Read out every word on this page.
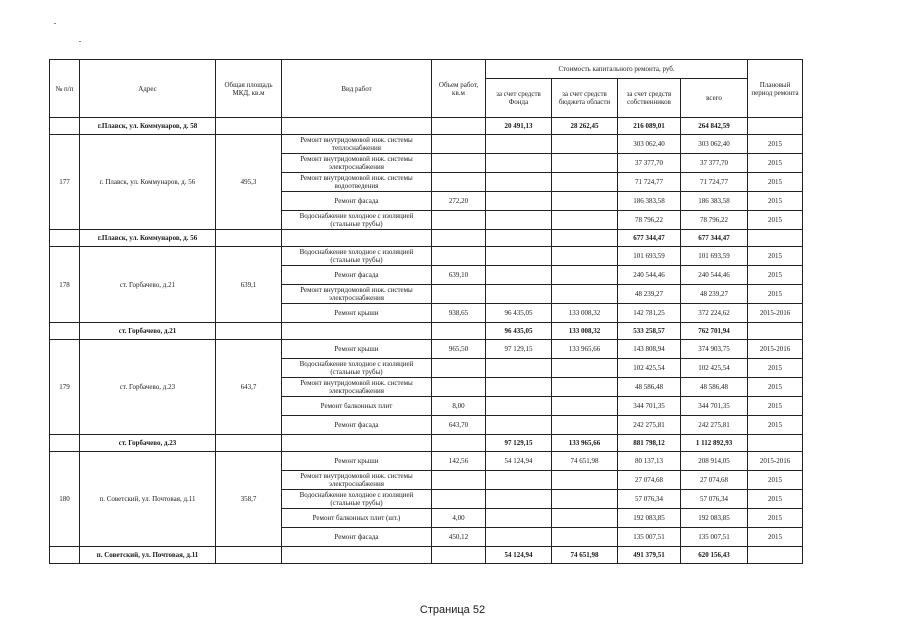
№ п/п	Адрес	Общая площадь МКД, кв.м	Вид работ	Объем работ, кв.м	Стоимость капитального ремонта, руб.				Плановый период ремонта
					за счет средств Фонда	за счет средств бюджета области	за счет средств собственников	всего	
	г.Плавск, ул. Коммунаров, д. 58				20 491,13	28 262,45	216 089,01	264 842,59	
177	г. Плавск, ул. Коммунаров, д. 56	495,3	Ремонт внутридомовой инж. системы теплоснабжения				303 062,40	303 062,40	2015
			Ремонт внутридомовой инж. системы электроснабжения				37 377,70	37 377,70	2015
			Ремонт внутридомовой инж. системы водоотведения				71 724,77	71 724,77	2015
			Ремонт фасада	272,20			186 383,58	186 383,58	2015
			Водоснабжение холодное с изоляцией (стальные трубы)				78 796,22	78 796,22	2015
	г.Плавск, ул. Коммунаров, д. 56						677 344,47	677 344,47	
178	ст. Горбачево, д.21	639,1	Водоснабжение холодное с изоляцией (стальные трубы)				101 693,59	101 693,59	2015
			Ремонт фасада	639,10			240 544,46	240 544,46	2015
			Ремонт внутридомовой инж. системы электроснабжения				48 239,27	48 239,27	2015
			Ремонт крыши	938,65	96 435,05	133 008,32	142 781,25	372 224,62	2015-2016
	ст. Горбачево, д.21				96 435,05	133 008,32	533 258,57	762 701,94	
179	ст. Горбачево, д.23	643,7	Ремонт крыши	965,50	97 129,15	133 965,66	143 808,94	374 903,75	2015-2016
			Водоснабжение холодное с изоляцией (стальные трубы)				102 425,54	102 425,54	2015
			Ремонт внутридомовой инж. системы электроснабжения				48 586,48	48 586,48	2015
			Ремонт балконных плит	8,00			344 701,35	344 701,35	2015
			Ремонт фасада	643,70			242 275,81	242 275,81	2015
	ст. Горбачево, д.23				97 129,15	133 965,66	881 798,12	1 112 892,93	
180	п. Советский, ул. Почтовая, д.11	358,7	Ремонт крыши	142,56	54 124,94	74 651,98	80 137,13	208 914,05	2015-2016
			Ремонт внутридомовой инж. системы электроснабжения				27 074,68	27 074,68	2015
			Водоснабжение холодное с изоляцией (стальные трубы)				57 076,34	57 076,34	2015
			Ремонт балконных плит (шт.)	4,00			192 083,85	192 083,85	2015
			Ремонт фасада	450,12			135 007,51	135 007,51	2015
	п. Советский, ул. Почтовая, д.11				54 124,94	74 651,98	491 379,51	620 156,43	
Страница 52
